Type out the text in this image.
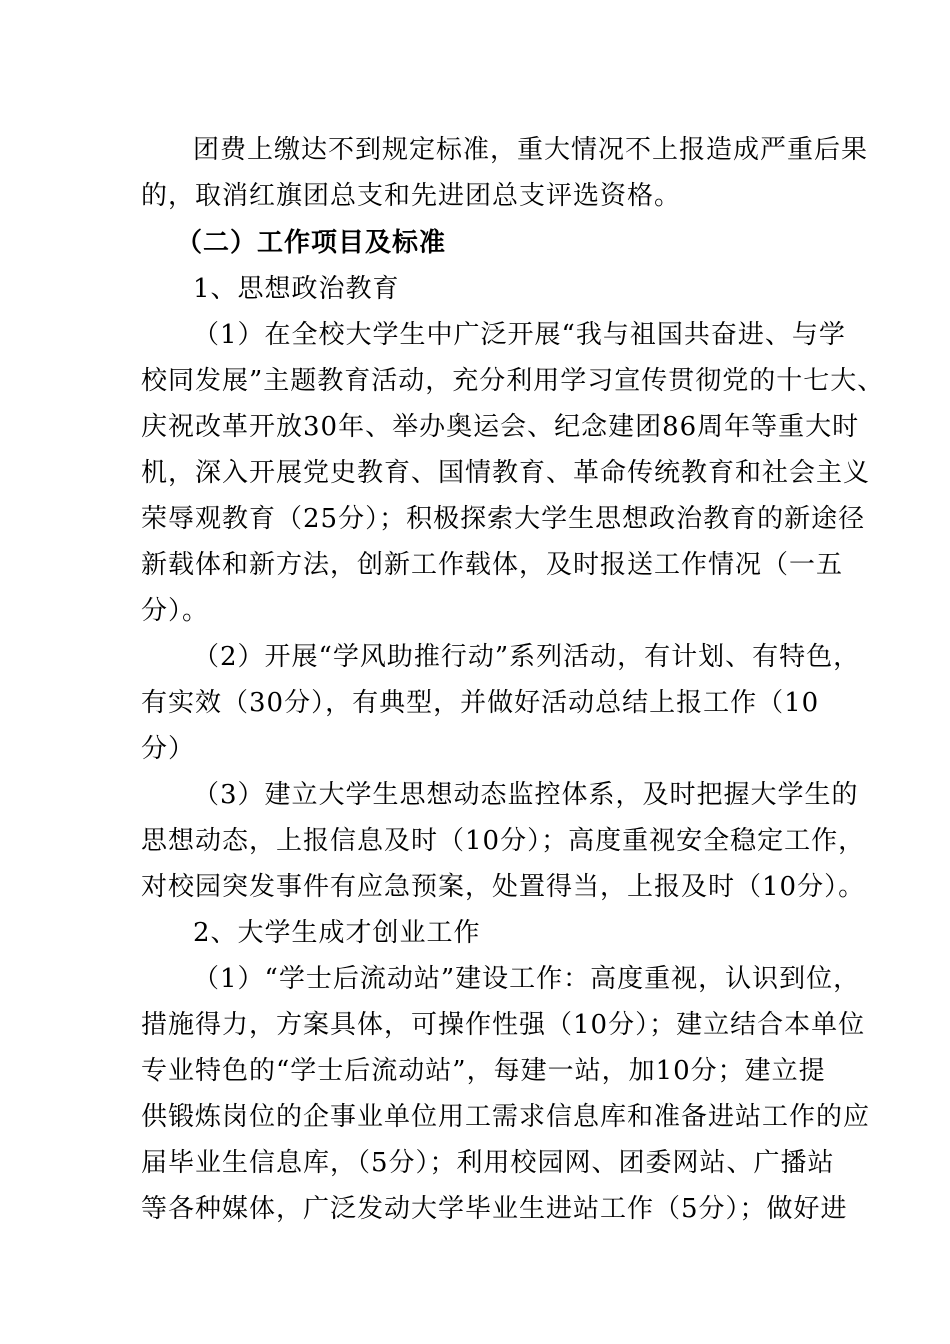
团费上缴达不到规定标准，重大情况不上报造成严重后果
的，取消红旗团总支和先进团总支评选资格。
（二）工作项目及标准
1、思想政治教育
（1）在全校大学生中广泛开展“我与祖国共奋进、与学
校同发展”主题教育活动，充分利用学习宣传贯彻党的十七大、
庆祝改革开放30年、举办奥运会、纪念建团86周年等重大时
机，深入开展党史教育、国情教育、革命传统教育和社会主义
荣辱观教育（25分）；积极探索大学生思想政治教育的新途径
新载体和新方法，创新工作载体，及时报送工作情况（一五
分）。
（2）开展“学风助推行动”系列活动，有计划、有特色，
有实效（30分），有典型，并做好活动总结上报工作（10
分）
（3）建立大学生思想动态监控体系，及时把握大学生的
思想动态，上报信息及时（10分）；高度重视安全稳定工作，
对校园突发事件有应急预案，处置得当，上报及时（10分）。
2、大学生成才创业工作
（1）“学士后流动站”建设工作：高度重视，认识到位，
措施得力，方案具体，可操作性强（10分）；建立结合本单位
专业特色的“学士后流动站”，每建一站，加10分；建立提
供锻炼岗位的企事业单位用工需求信息库和准备进站工作的应
届毕业生信息库，（5分）；利用校园网、团委网站、广播站
等各种媒体，广泛发动大学毕业生进站工作（5分）；做好进
